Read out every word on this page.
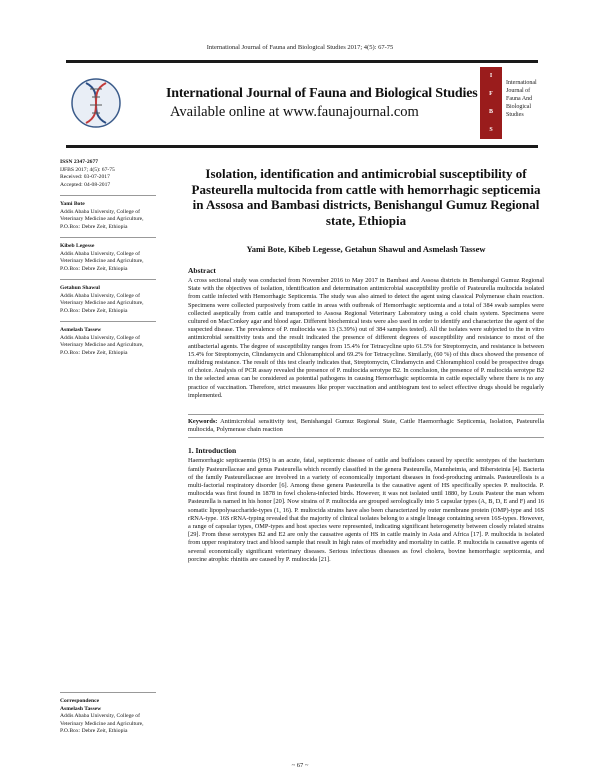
International Journal of Fauna and Biological Studies 2017; 4(5): 67-75
International Journal of Fauna and Biological Studies
Available online at www.faunajournal.com
I
F
B
S
International Journal of Fauna And Biological Studies
ISSN 2347-2677
IJFBS 2017; 4(5): 67-75
Received: 03-07-2017
Accepted: 04-08-2017
Yami Bote
Addis Ababa University, College of Veterinary Medicine and Agriculture, P.O.Box: Debre Zeit, Ethiopia
Kibeb Legesse
Addis Ababa University, College of Veterinary Medicine and Agriculture, P.O.Box: Debre Zeit, Ethiopia
Getahun Shawul
Addis Ababa University, College of Veterinary Medicine and Agriculture, P.O.Box: Debre Zeit, Ethiopia
Asmelash Tassew
Addis Ababa University, College of Veterinary Medicine and Agriculture, P.O.Box: Debre Zeit, Ethiopia
Correspondence
Asmelash Tassew
Addis Ababa University, College of Veterinary Medicine and Agriculture, P.O.Box: Debre Zeit, Ethiopia
Isolation, identification and antimicrobial susceptibility of Pasteurella multocida from cattle with hemorrhagic septicemia in Assosa and Bambasi districts, Benishangul Gumuz Regional state, Ethiopia
Yami Bote, Kibeb Legesse, Getahun Shawul and Asmelash Tassew
Abstract
A cross sectional study was conducted from November 2016 to May 2017 in Bambasi and Assosa districts in Benshangul Gumuz Regional State with the objectives of isolation, identification and determination antimicrobial susceptibility profile of Pasteurella multocida isolated from cattle infected with Hemorrhagic Septicemia. The study was also aimed to detect the agent using classical Polymerase chain reaction. Specimens were collected purposively from cattle in areas with outbreak of Hemorrhagic septicemia and a total of 384 swab samples were collected aseptically from cattle and transported to Assosa Regional Veterinary Laboratory using a cold chain system. Specimens were cultured on MacConkey agar and blood agar. Different biochemical tests were also used in order to identify and characterize the agent of the suspected disease. The prevalence of P. multocida was 13 (3.39%) out of 384 samples tested). All the isolates were subjected to the in vitro antimicrobial sensitivity tests and the result indicated the presence of different degrees of susceptibility and resistance to most of the antibacterial agents. The degree of susceptibility ranges from 15.4% for Tetracycline upto 61.5% for Streptomycin, and resistance is between 15.4% for Streptomycin, Clindamycin and Chloramphicol and 69.2% for Tetracycline. Similarly, (60 %) of this discs showed the presence of multidrug resistance. The result of this test clearly indicates that, Streptomycin, Clindamycin and Chloramphicol could be prospective drugs of choice. Analysis of PCR assay revealed the presence of P. multocida serotype B2. In conclusion, the presence of P. multocida serotype B2 in the selected areas can be considered as potential pathogens in causing Hemorrhagic septicemia in cattle especially where there is no any practice of vaccination. Therefore, strict measures like proper vaccination and antibiogram test to select effective drugs should be regularly implemented.
Keywords: Antimicrobial sensitivity test, Benishangul Gumuz Regional State, Cattle Haemorrhagic Septicemia, Isolation, Pasteurella multocida, Polymerase chain reaction
1. Introduction
Haemorrhagic septicaemia (HS) is an acute, fatal, septicemic disease of cattle and buffaloes caused by specific serotypes of the bacterium family Pasteurellaceae and genus Pasteurella which recently classified in the genera Pasteurella, Mannheimia, and Bibersteinia [4]. Bacteria of the family Pasteurellaceae are involved in a variety of economically important diseases in food-producing animals. Pasteurellosis is a multi-factorial respiratory disorder [6]. Among these genera Pasteurella is the causative agent of HS specifically species P. multocida. P. multocida was first found in 1878 in fowl cholera-infected birds. However, it was not isolated until 1880, by Louis Pasteur the man whom Pasteurella is named in his honor [20]. Now strains of P. multocida are grouped serologically into 5 capsular types (A, B, D, E and F) and 16 somatic lipopolysaccharide-types (1, 16). P. multocida strains have also been characterized by outer membrane protein (OMP)-type and 16S rRNA-type. 16S rRNA-typing revealed that the majority of clinical isolates belong to a single lineage containing seven 16S-types. However, a range of capsular types, OMP-types and host species were represented, indicating significant heterogeneity between closely related strains [29]. From these serotypes B2 and E2 are only the causative agents of HS in cattle mainly in Asia and Africa [17]. P. multocida is isolated from upper respiratory tract and blood sample that result in high rates of morbidity and mortality in cattle. P. multocida is causative agents of several economically significant veterinary diseases. Serious infectious diseases as fowl cholera, bovine hemorrhagic septicemia, and porcine atrophic rhinitis are caused by P. multocida [21].
~ 67 ~
